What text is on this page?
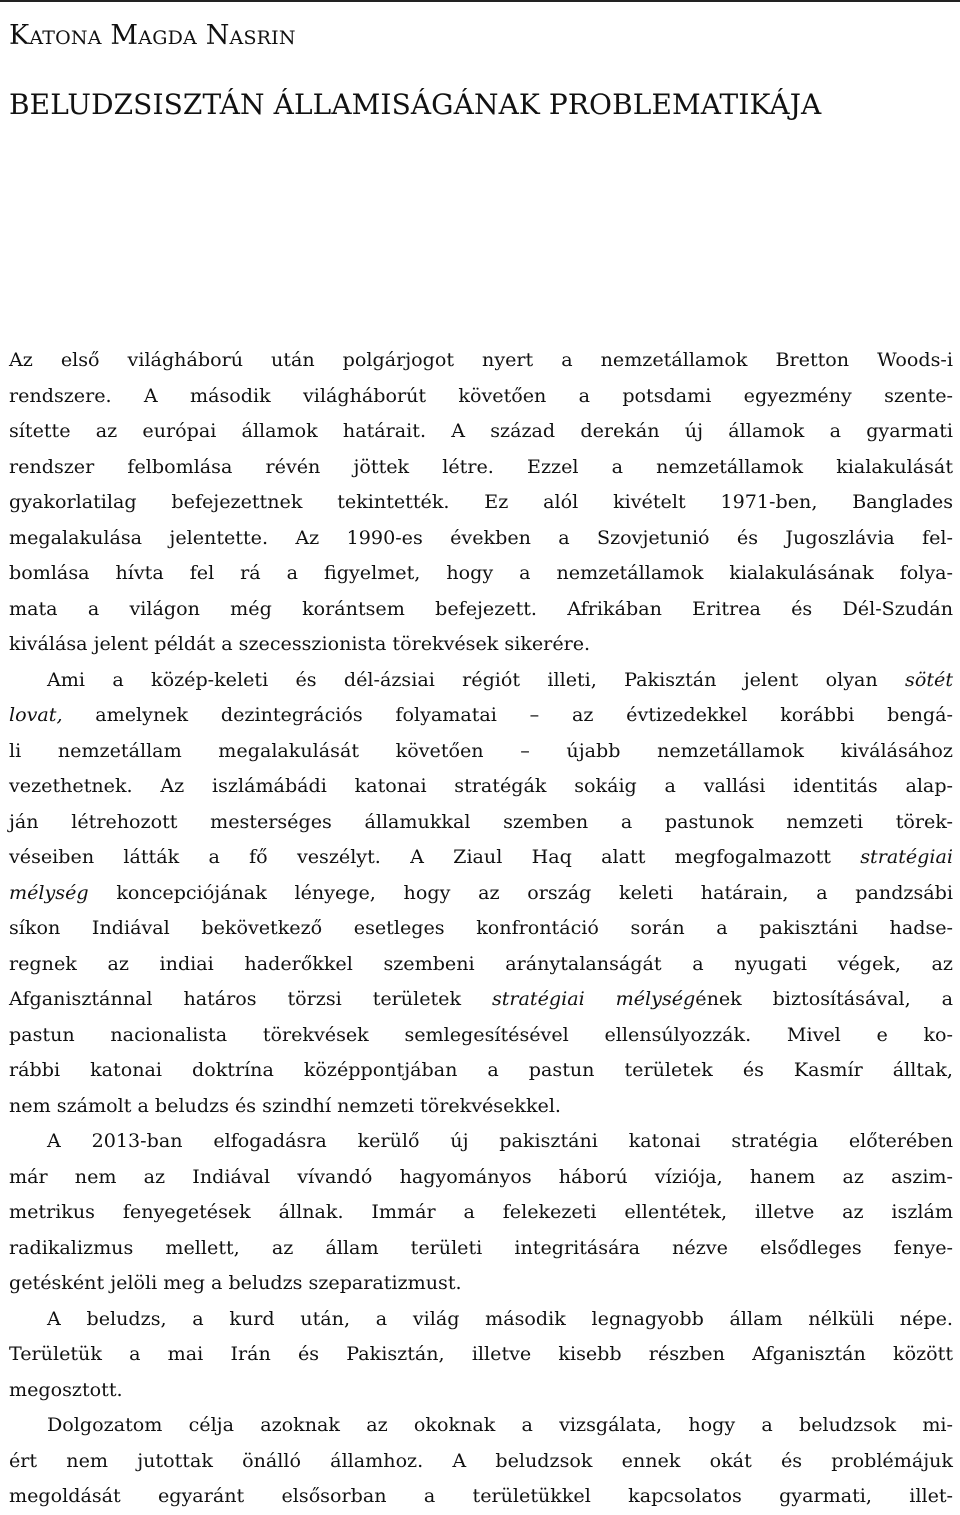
Katona Magda Nasrin
BELUDZSISZTÁN ÁLLAMISÁGÁNAK PROBLEMATIKÁJA
Az első világháború után polgárjogot nyert a nemzetállamok Bretton Woods-i
rendszere. A második világháborút követően a potsdami egyezmény szente-
sítette az európai államok határait. A század derekán új államok a gyarmati
rendszer felbomlása révén jöttek létre. Ezzel a nemzetállamok kialakulását
gyakorlatilag befejezettnek tekintették. Ez alól kivételt 1971-ben, Banglades
megalakulása jelentette. Az 1990-es években a Szovjetunió és Jugoszlávia fel-
bomlása hívta fel rá a figyelmet, hogy a nemzetállamok kialakulásának folya-
mata a világon még korántsem befejezett. Afrikában Eritrea és Dél-Szudán
kiválása jelent példát a szecesszionista törekvések sikerére.
Ami a közép-keleti és dél-ázsiai régiót illeti, Pakisztán jelent olyan sötét
lovat, amelynek dezintegrációs folyamatai – az évtizedekkel korábbi bengá-
li nemzetállam megalakulását követően – újabb nemzetállamok kiválásához
vezethetnek. Az iszlámábádi katonai stratégák sokáig a vallási identitás alap-
ján létrehozott mesterséges államukkal szemben a pastunok nemzeti törek-
véseiben látták a fő veszélyt. A Ziaul Haq alatt megfogalmazott stratégiai
mélység koncepciójának lényege, hogy az ország keleti határain, a pandzsábi
síkon Indiával bekövetkező esetleges konfrontáció során a pakisztáni hadse-
regnek az indiai haderőkkel szembeni aránytalanságát a nyugati végek, az
Afganisztánnal határos törzsi területek stratégiai mélységének biztosításával, a
pastun nacionalista törekvések semlegesítésével ellensúlyozzák. Mivel e ko-
rábbi katonai doktrína középpontjában a pastun területek és Kasmír álltak,
nem számolt a beludzs és szindhí nemzeti törekvésekkel.
A 2013-ban elfogadásra kerülő új pakisztáni katonai stratégia előterében
már nem az Indiával vívandó hagyományos háború víziója, hanem az aszim-
metrikus fenyegetések állnak. Immár a felekezeti ellentétek, illetve az iszlám
radikalizmus mellett, az állam területi integritására nézve elsődleges fenye-
getésként jelöli meg a beludzs szeparatizmust.
A beludzs, a kurd után, a világ második legnagyobb állam nélküli népe.
Területük a mai Irán és Pakisztán, illetve kisebb részben Afganisztán között
megosztott.
Dolgozatom célja azoknak az okoknak a vizsgálata, hogy a beludzsok mi-
ért nem jutottak önálló államhoz. A beludzsok ennek okát és problémájuk
megoldását egyaránt elsősorban a területükkel kapcsolatos gyarmati, illet-
